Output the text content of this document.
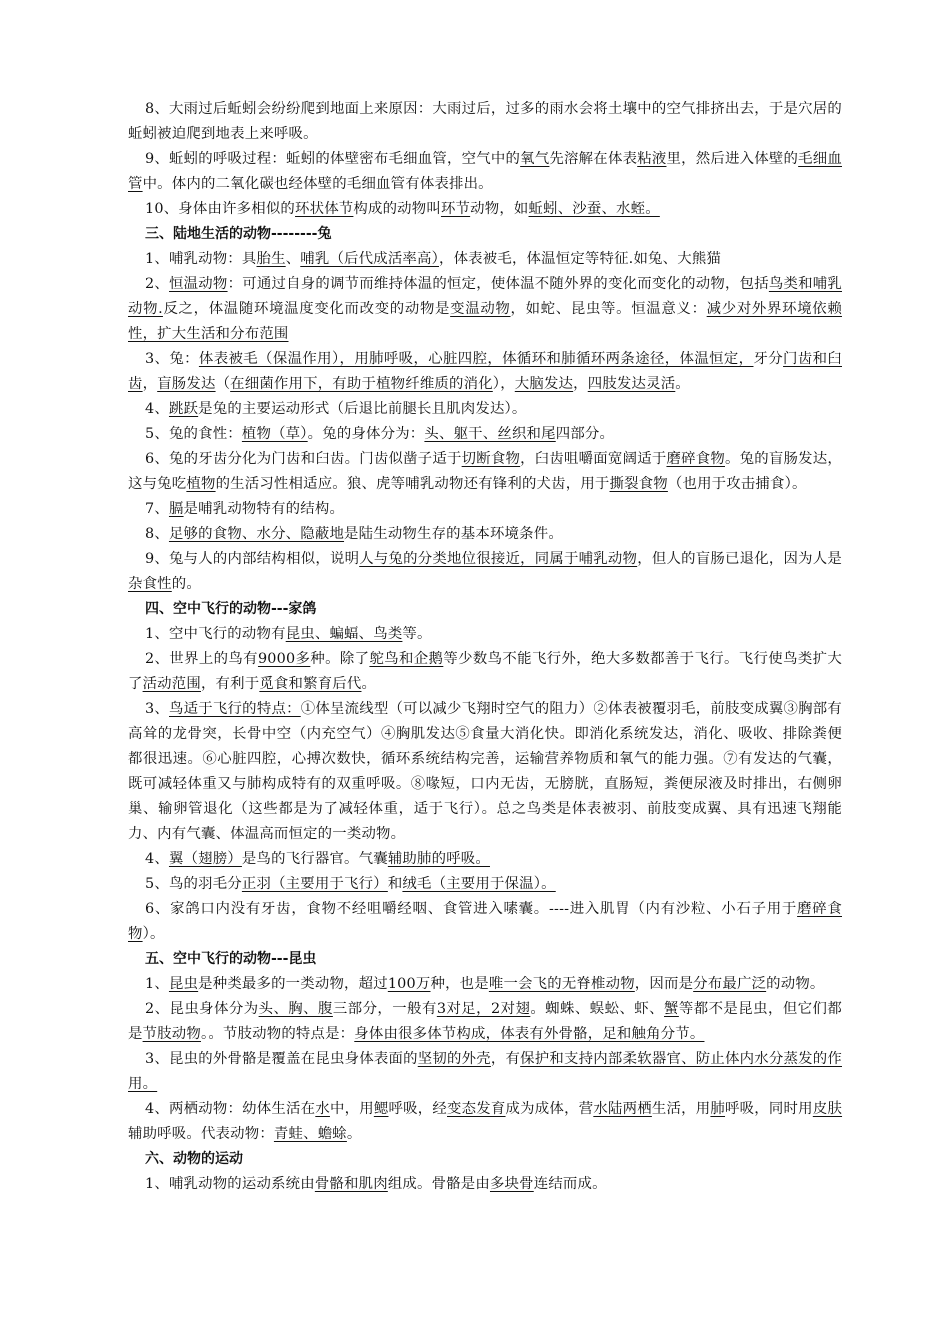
8、大雨过后蚯蚓会纷纷爬到地面上来原因：大雨过后，过多的雨水会将土壤中的空气排挤出去，于是穴居的蚯蚓被迫爬到地表上来呼吸。

9、蚯蚓的呼吸过程：蚯蚓的体壁密布毛细血管，空气中的氧气先溶解在体表粘液里，然后进入体壁的毛细血管中。体内的二氧化碳也经体壁的毛细血管有体表排出。

10、身体由许多相似的环状体节构成的动物叫环节动物，如蚯蚓、沙蚕、水蛭。

三、陆地生活的动物--------兔

1、哺乳动物：具胎生、哺乳（后代成活率高），体表被毛，体温恒定等特征.如兔、大熊猫

2、恒温动物：可通过自身的调节而维持体温的恒定，使体温不随外界的变化而变化的动物，包括鸟类和哺乳动物.反之，体温随环境温度变化而改变的动物是变温动物，如蛇、昆虫等。恒温意义：减少对外界环境依赖性，扩大生活和分布范围

3、兔：体表被毛（保温作用），用肺呼吸，心脏四腔，体循环和肺循环两条途径，体温恒定，牙分门齿和臼齿，盲肠发达（在细菌作用下，有助于植物纤维质的消化），大脑发达，四肢发达灵活。

4、跳跃是兔的主要运动形式（后退比前腿长且肌肉发达）。

5、兔的食性：植物（草）。兔的身体分为：头、躯干、丝织和尾四部分。

6、兔的牙齿分化为门齿和臼齿。门齿似凿子适于切断食物，臼齿咀嚼面宽阔适于磨碎食物。兔的盲肠发达，这与兔吃植物的生活习性相适应。狼、虎等哺乳动物还有锋利的犬齿，用于撕裂食物（也用于攻击捕食）。

7、膈是哺乳动物特有的结构。

8、足够的食物、水分、隐蔽地是陆生动物生存的基本环境条件。

9、兔与人的内部结构相似，说明人与兔的分类地位很接近，同属于哺乳动物，但人的盲肠已退化，因为人是杂食性的。

四、空中飞行的动物---家鸽

1、空中飞行的动物有昆虫、蝙蝠、鸟类等。

2、世界上的鸟有9000多种。除了鸵鸟和企鹅等少数鸟不能飞行外，绝大多数都善于飞行。飞行使鸟类扩大了活动范围，有利于觅食和繁育后代。

3、鸟适于飞行的特点：①体呈流线型（可以减少飞翔时空气的阻力）②体表被覆羽毛，前肢变成翼③胸部有高耸的龙骨突，长骨中空（内充空气）④胸肌发达⑤食量大消化快。即消化系统发达，消化、吸收、排除粪便都很迅速。⑥心脏四腔，心搏次数快，循环系统结构完善，运输营养物质和氧气的能力强。⑦有发达的气囊，既可减轻体重又与肺构成特有的双重呼吸。⑧喙短，口内无齿，无膀胱，直肠短，粪便尿液及时排出，右侧卵巢、输卵管退化（这些都是为了减轻体重，适于飞行）。总之鸟类是体表被羽、前肢变成翼、具有迅速飞翔能力、内有气囊、体温高而恒定的一类动物。

4、翼（翅膀）是鸟的飞行器官。气囊辅助肺的呼吸。

5、鸟的羽毛分正羽（主要用于飞行）和绒毛（主要用于保温）。

6、家鸽口内没有牙齿，食物不经咀嚼经咽、食管进入嗉囊。----进入肌胃（内有沙粒、小石子用于磨碎食物）。

五、空中飞行的动物---昆虫

1、昆虫是种类最多的一类动物，超过100万种，也是唯一会飞的无脊椎动物，因而是分布最广泛的动物。

2、昆虫身体分为头、胸、腹三部分，一般有3对足，2对翅。蜘蛛、蜈蚣、虾、蟹等都不是昆虫，但它们都是节肢动物。。节肢动物的特点是：身体由很多体节构成，体表有外骨骼，足和触角分节。

3、昆虫的外骨骼是覆盖在昆虫身体表面的坚韧的外壳，有保护和支持内部柔软器官、防止体内水分蒸发的作用。

4、两栖动物：幼体生活在水中，用鳃呼吸，经变态发育成为成体，营水陆两栖生活，用肺呼吸，同时用皮肤辅助呼吸。代表动物：青蛙、蟾蜍。

六、动物的运动

1、哺乳动物的运动系统由骨骼和肌肉组成。骨骼是由多块骨连结而成。
